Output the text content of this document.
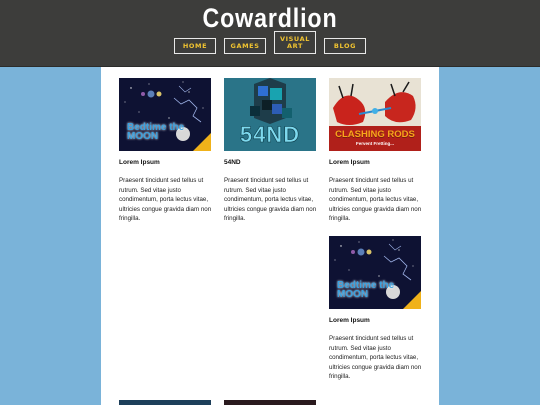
Cowardlion
HOME	GAMES
VISUAL ART	BLOG
Bedtime the MOON
Lorem Ipsum
Praesent tincidunt sed tellus ut rutrum. Sed vitae justo condimentum, porta lectus vitae, ultricies congue gravida diam non fringilla.
54ND
54ND
Praesent tincidunt sed tellus ut rutrum. Sed vitae justo condimentum, porta lectus vitae, ultricies congue gravida diam non fringilla.
CLASHING RODS
Fervent Fretting...
Lorem Ipsum
Praesent tincidunt sed tellus ut rutrum. Sed vitae justo condimentum, porta lectus vitae, ultricies congue gravida diam non fringilla.
Bedtime the MOON
Lorem Ipsum
Praesent tincidunt sed tellus ut rutrum. Sed vitae justo condimentum, porta lectus vitae, ultricies congue gravida diam non fringilla.
